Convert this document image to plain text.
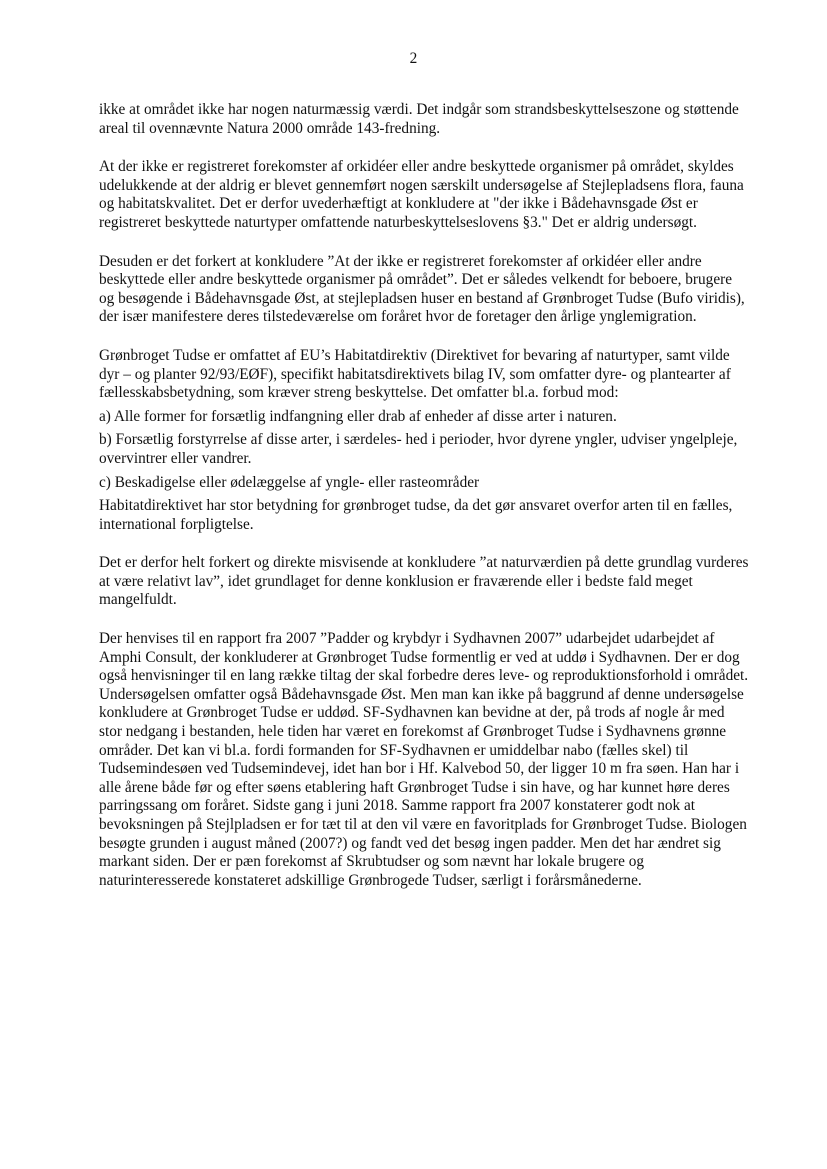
2

ikke at området ikke har nogen naturmæssig værdi. Det indgår som strandsbeskyttelseszone og støttende areal til ovennævnte Natura 2000 område 143-fredning.

At der ikke er registreret forekomster af orkidéer eller andre beskyttede organismer på området, skyldes udelukkende at der aldrig er blevet gennemført nogen særskilt undersøgelse af Stejlepladsens flora, fauna og habitatskvalitet. Det er derfor uvederhæftigt at konkludere at "der ikke i Bådehavnsgade Øst er registreret beskyttede naturtyper omfattende naturbeskyttelseslovens §3." Det er aldrig undersøgt.

Desuden er det forkert at konkludere ”At der ikke er registreret forekomster af orkidéer eller andre beskyttede eller andre beskyttede organismer på området”. Det er således velkendt for beboere, brugere og besøgende i Bådehavnsgade Øst, at stejlepladsen huser en bestand af Grønbroget Tudse (Bufo viridis), der især manifestere deres tilstedeværelse om foråret hvor de foretager den årlige ynglemigration.

Grønbroget Tudse er omfattet af EU’s Habitatdirektiv (Direktivet for bevaring af naturtyper, samt vilde dyr – og planter 92/93/EØF), specifikt habitatsdirektivets bilag IV, som omfatter dyre- og plantearter af fællesskabsbetydning, som kræver streng beskyttelse. Det omfatter bl.a. forbud mod:

a) Alle former for forsætlig indfangning eller drab af enheder af disse arter i naturen.

b) Forsætlig forstyrrelse af disse arter, i særdeles- hed i perioder, hvor dyrene yngler, udviser yngelpleje, overvintrer eller vandrer.

c) Beskadigelse eller ødelæggelse af yngle- eller rasteområder

Habitatdirektivet har stor betydning for grønbroget tudse, da det gør ansvaret overfor arten til en fælles, international forpligtelse.

Det er derfor helt forkert og direkte misvisende at konkludere ”at naturværdien på dette grundlag vurderes at være relativt lav”, idet grundlaget for denne konklusion er fraværende eller i bedste fald meget mangelfuldt.

Der henvises til en rapport fra 2007 ”Padder og krybdyr i Sydhavnen 2007” udarbejdet udarbejdet af Amphi Consult, der konkluderer at Grønbroget Tudse formentlig er ved at uddø i Sydhavnen. Der er dog også henvisninger til en lang række tiltag der skal forbedre deres leve- og reproduktionsforhold i området. Undersøgelsen omfatter også Bådehavnsgade Øst. Men man kan ikke på baggrund af denne undersøgelse konkludere at Grønbroget Tudse er uddød. SF-Sydhavnen kan bevidne at der, på trods af nogle år med stor nedgang i bestanden, hele tiden har været en forekomst af Grønbroget Tudse i Sydhavnens grønne områder. Det kan vi bl.a. fordi formanden for SF-Sydhavnen er umiddelbar nabo (fælles skel) til Tudsemindesøen ved Tudsemindevej, idet han bor i Hf. Kalvebod 50, der ligger 10 m fra søen. Han har i alle årene både før og efter søens etablering haft Grønbroget Tudse i sin have, og har kunnet høre deres parringssang om foråret. Sidste gang i juni 2018. Samme rapport fra 2007 konstaterer godt nok at bevoksningen på Stejlpladsen er for tæt til at den vil være en favoritplads for Grønbroget Tudse. Biologen besøgte grunden i august måned (2007?) og fandt ved det besøg ingen padder. Men det har ændret sig markant siden. Der er pæn forekomst af Skrubtudser og som nævnt har lokale brugere og naturinteresserede konstateret adskillige Grønbrogede Tudser, særligt i forårsmånederne.
